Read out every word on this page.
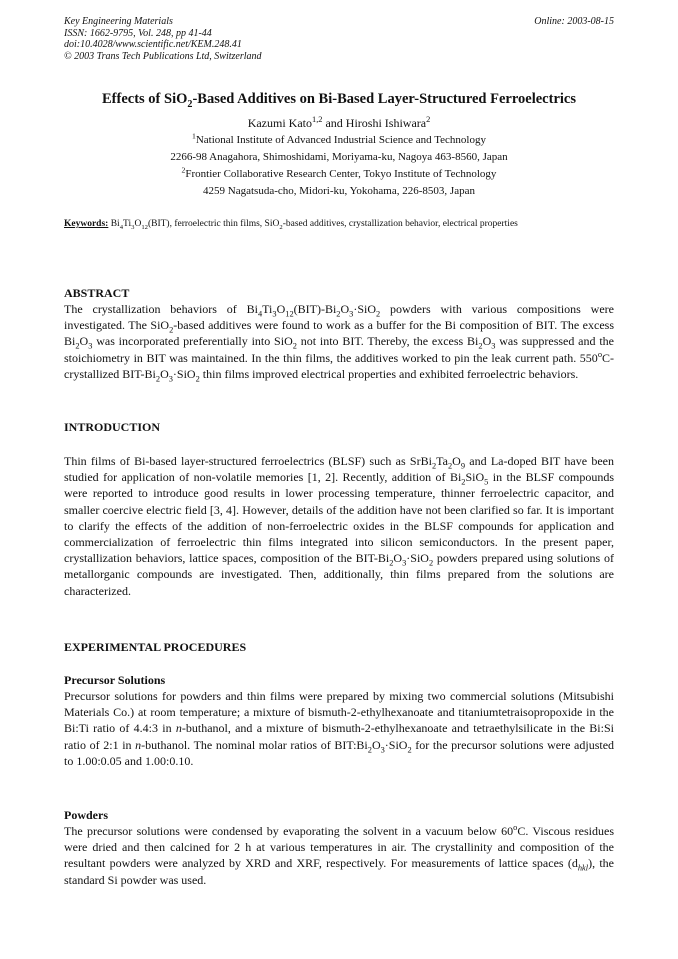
Key Engineering Materials
ISSN: 1662-9795, Vol. 248, pp 41-44
doi:10.4028/www.scientific.net/KEM.248.41
© 2003 Trans Tech Publications Ltd, Switzerland
Online: 2003-08-15
Effects of SiO$_2$-Based Additives on Bi-Based Layer-Structured Ferroelectrics
Kazumi Kato$^{1,2}$ and Hiroshi Ishiwara$^2$
$^1$National Institute of Advanced Industrial Science and Technology
2266-98 Anagahora, Shimoshidami, Moriyama-ku, Nagoya 463-8560, Japan
$^2$Frontier Collaborative Research Center, Tokyo Institute of Technology
4259 Nagatsuda-cho, Midori-ku, Yokohama, 226-8503, Japan
Keywords: $Bi_4Ti_3O_{12}(BIT)$, ferroelectric thin films, SiO$_2$-based additives, crystallization behavior, electrical properties
ABSTRACT

The crystallization behaviors of $Bi_4Ti_3O_{12}(BIT)-Bi_2O_3\cdot SiO_2$ powders with various compositions were investigated. The SiO$_2$-based additives were found to work as a buffer for the Bi composition of BIT. The excess $Bi_2O_3$ was incorporated preferentially into SiO$_2$ not into BIT. Thereby, the excess $Bi_2O_3$ was suppressed and the stoichiometry in BIT was maintained. In the thin films, the additives worked to pin the leak current path. 550$^o$C-crystallized BIT-$Bi_2O_3\cdot SiO_2$ thin films improved electrical properties and exhibited ferroelectric behaviors.

INTRODUCTION

Thin films of Bi-based layer-structured ferroelectrics (BLSF) such as $SrBi_2Ta_2O_9$ and La-doped BIT have been studied for application of non-volatile memories [1, 2]. Recently, addition of $Bi_2SiO_5$ in the BLSF compounds were reported to introduce good results in lower processing temperature, thinner ferroelectric capacitor, and smaller coercive electric field [3, 4]. However, details of the addition have not been clarified so far. It is important to clarify the effects of the addition of non-ferroelectric oxides in the BLSF compounds for application and commercialization of ferroelectric thin films integrated into silicon semiconductors. In the present paper, crystallization behaviors, lattice spaces, composition of the BIT-$Bi_2O_3\cdot SiO_2$ powders prepared using solutions of metallorganic compounds are investigated. Then, additionally, thin films prepared from the solutions are characterized.

EXPERIMENTAL PROCEDURES
Precursor Solutions

Precursor solutions for powders and thin films were prepared by mixing two commercial solutions (Mitsubishi Materials Co.) at room temperature; a mixture of bismuth-2-ethylhexanoate and titaniumtetraisopropoxide in the Bi:Ti ratio of 4.4:3 in n-buthanol, and a mixture of bismuth-2-ethylhexanoate and tetraethylsilicate in the Bi:Si ratio of 2:1 in n-buthanol. The nominal molar ratios of $BIT:Bi_2O_3\cdot SiO_2$ for the precursor solutions were adjusted to 1.00:0.05 and 1.00:0.10.

Powders

The precursor solutions were condensed by evaporating the solvent in a vacuum below 60$^o$C. Viscous residues were dried and then calcined for 2 h at various temperatures in air. The crystallinity and composition of the resultant powders were analyzed by XRD and XRF, respectively. For measurements of lattice spaces $(d_{hkl})$, the standard Si powder was used.
